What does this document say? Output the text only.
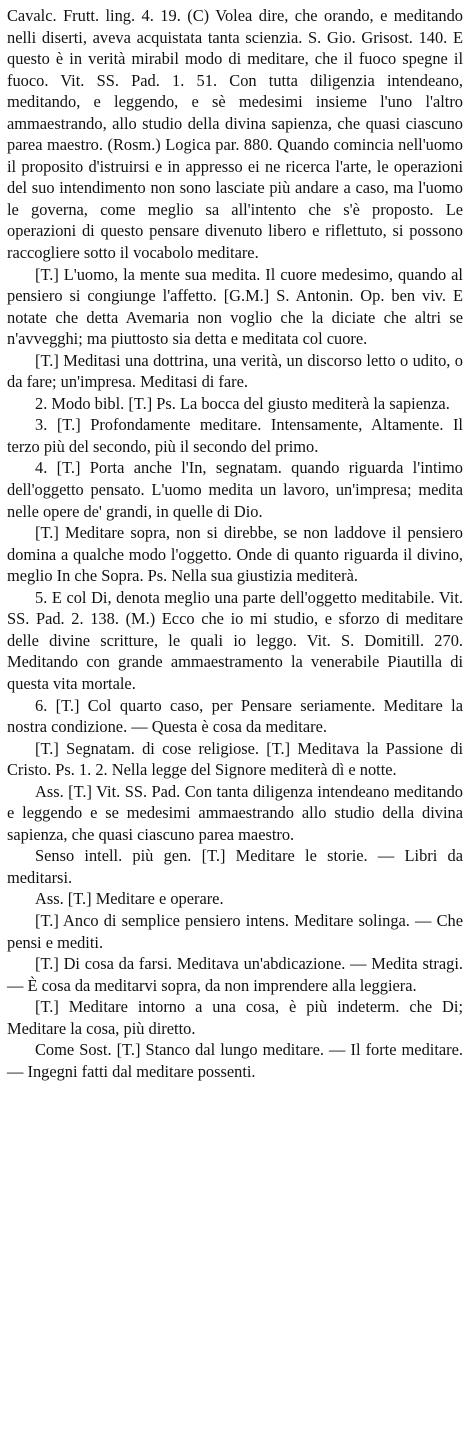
Cavalc. Frutt. ling. 4. 19. (C) Volea dire, che orando, e meditando nelli diserti, aveva acquistata tanta scienzia. S. Gio. Grisost. 140. E questo è in verità mirabil modo di meditare, che il fuoco spegne il fuoco. Vit. SS. Pad. 1. 51. Con tutta diligenzia intendeano, meditando, e leggendo, e sè medesimi insieme l'uno l'altro ammaestrando, allo studio della divina sapienza, che quasi ciascuno parea maestro. (Rosm.) Logica par. 880. Quando comincia nell'uomo il proposito d'istruirsi e in appresso ei ne ricerca l'arte, le operazioni del suo intendimento non sono lasciate più andare a caso, ma l'uomo le governa, come meglio sa all'intento che s'è proposto. Le operazioni di questo pensare divenuto libero e riflettuto, si possono raccogliere sotto il vocabolo meditare.

[T.] L'uomo, la mente sua medita. Il cuore medesimo, quando al pensiero si congiunge l'affetto. [G.M.] S. Antonin. Op. ben viv. E notate che detta Avemaria non voglio che la diciate che altri se n'avvegghi; ma piuttosto sia detta e meditata col cuore.

[T.] Meditasi una dottrina, una verità, un discorso letto o udito, o da fare; un'impresa. Meditasi di fare.

2. Modo bibl. [T.] Ps. La bocca del giusto mediterà la sapienza.

3. [T.] Profondamente meditare. Intensamente, Altamente. Il terzo più del secondo, più il secondo del primo.

4. [T.] Porta anche l'In, segnatam. quando riguarda l'intimo dell'oggetto pensato. L'uomo medita un lavoro, un'impresa; medita nelle opere de' grandi, in quelle di Dio.

[T.] Meditare sopra, non si direbbe, se non laddove il pensiero domina a qualche modo l'oggetto. Onde di quanto riguarda il divino, meglio In che Sopra. Ps. Nella sua giustizia mediterà.

5. E col Di, denota meglio una parte dell'oggetto meditabile. Vit. SS. Pad. 2. 138. (M.) Ecco che io mi studio, e sforzo di meditare delle divine scritture, le quali io leggo. Vit. S. Domitill. 270. Meditando con grande ammaestramento la venerabile Piautilla di questa vita mortale.

6. [T.] Col quarto caso, per Pensare seriamente. Meditare la nostra condizione. — Questa è cosa da meditare.

[T.] Segnatam. di cose religiose. [T.] Meditava la Passione di Cristo. Ps. 1. 2. Nella legge del Signore mediterà dì e notte.

Ass. [T.] Vit. SS. Pad. Con tanta diligenza intendeano meditando e leggendo e se medesimi ammaestrando allo studio della divina sapienza, che quasi ciascuno parea maestro.

Senso intell. più gen. [T.] Meditare le storie. — Libri da meditarsi.

Ass. [T.] Meditare e operare.

[T.] Anco di semplice pensiero intens. Meditare solinga. — Che pensi e mediti.

[T.] Di cosa da farsi. Meditava un'abdicazione. — Medita stragi. — È cosa da meditarvi sopra, da non imprendere alla leggiera.

[T.] Meditare intorno a una cosa, è più indeterm. che Di; Meditare la cosa, più diretto.

Come Sost. [T.] Stanco dal lungo meditare. — Il forte meditare. — Ingegni fatti dal meditare possenti.
